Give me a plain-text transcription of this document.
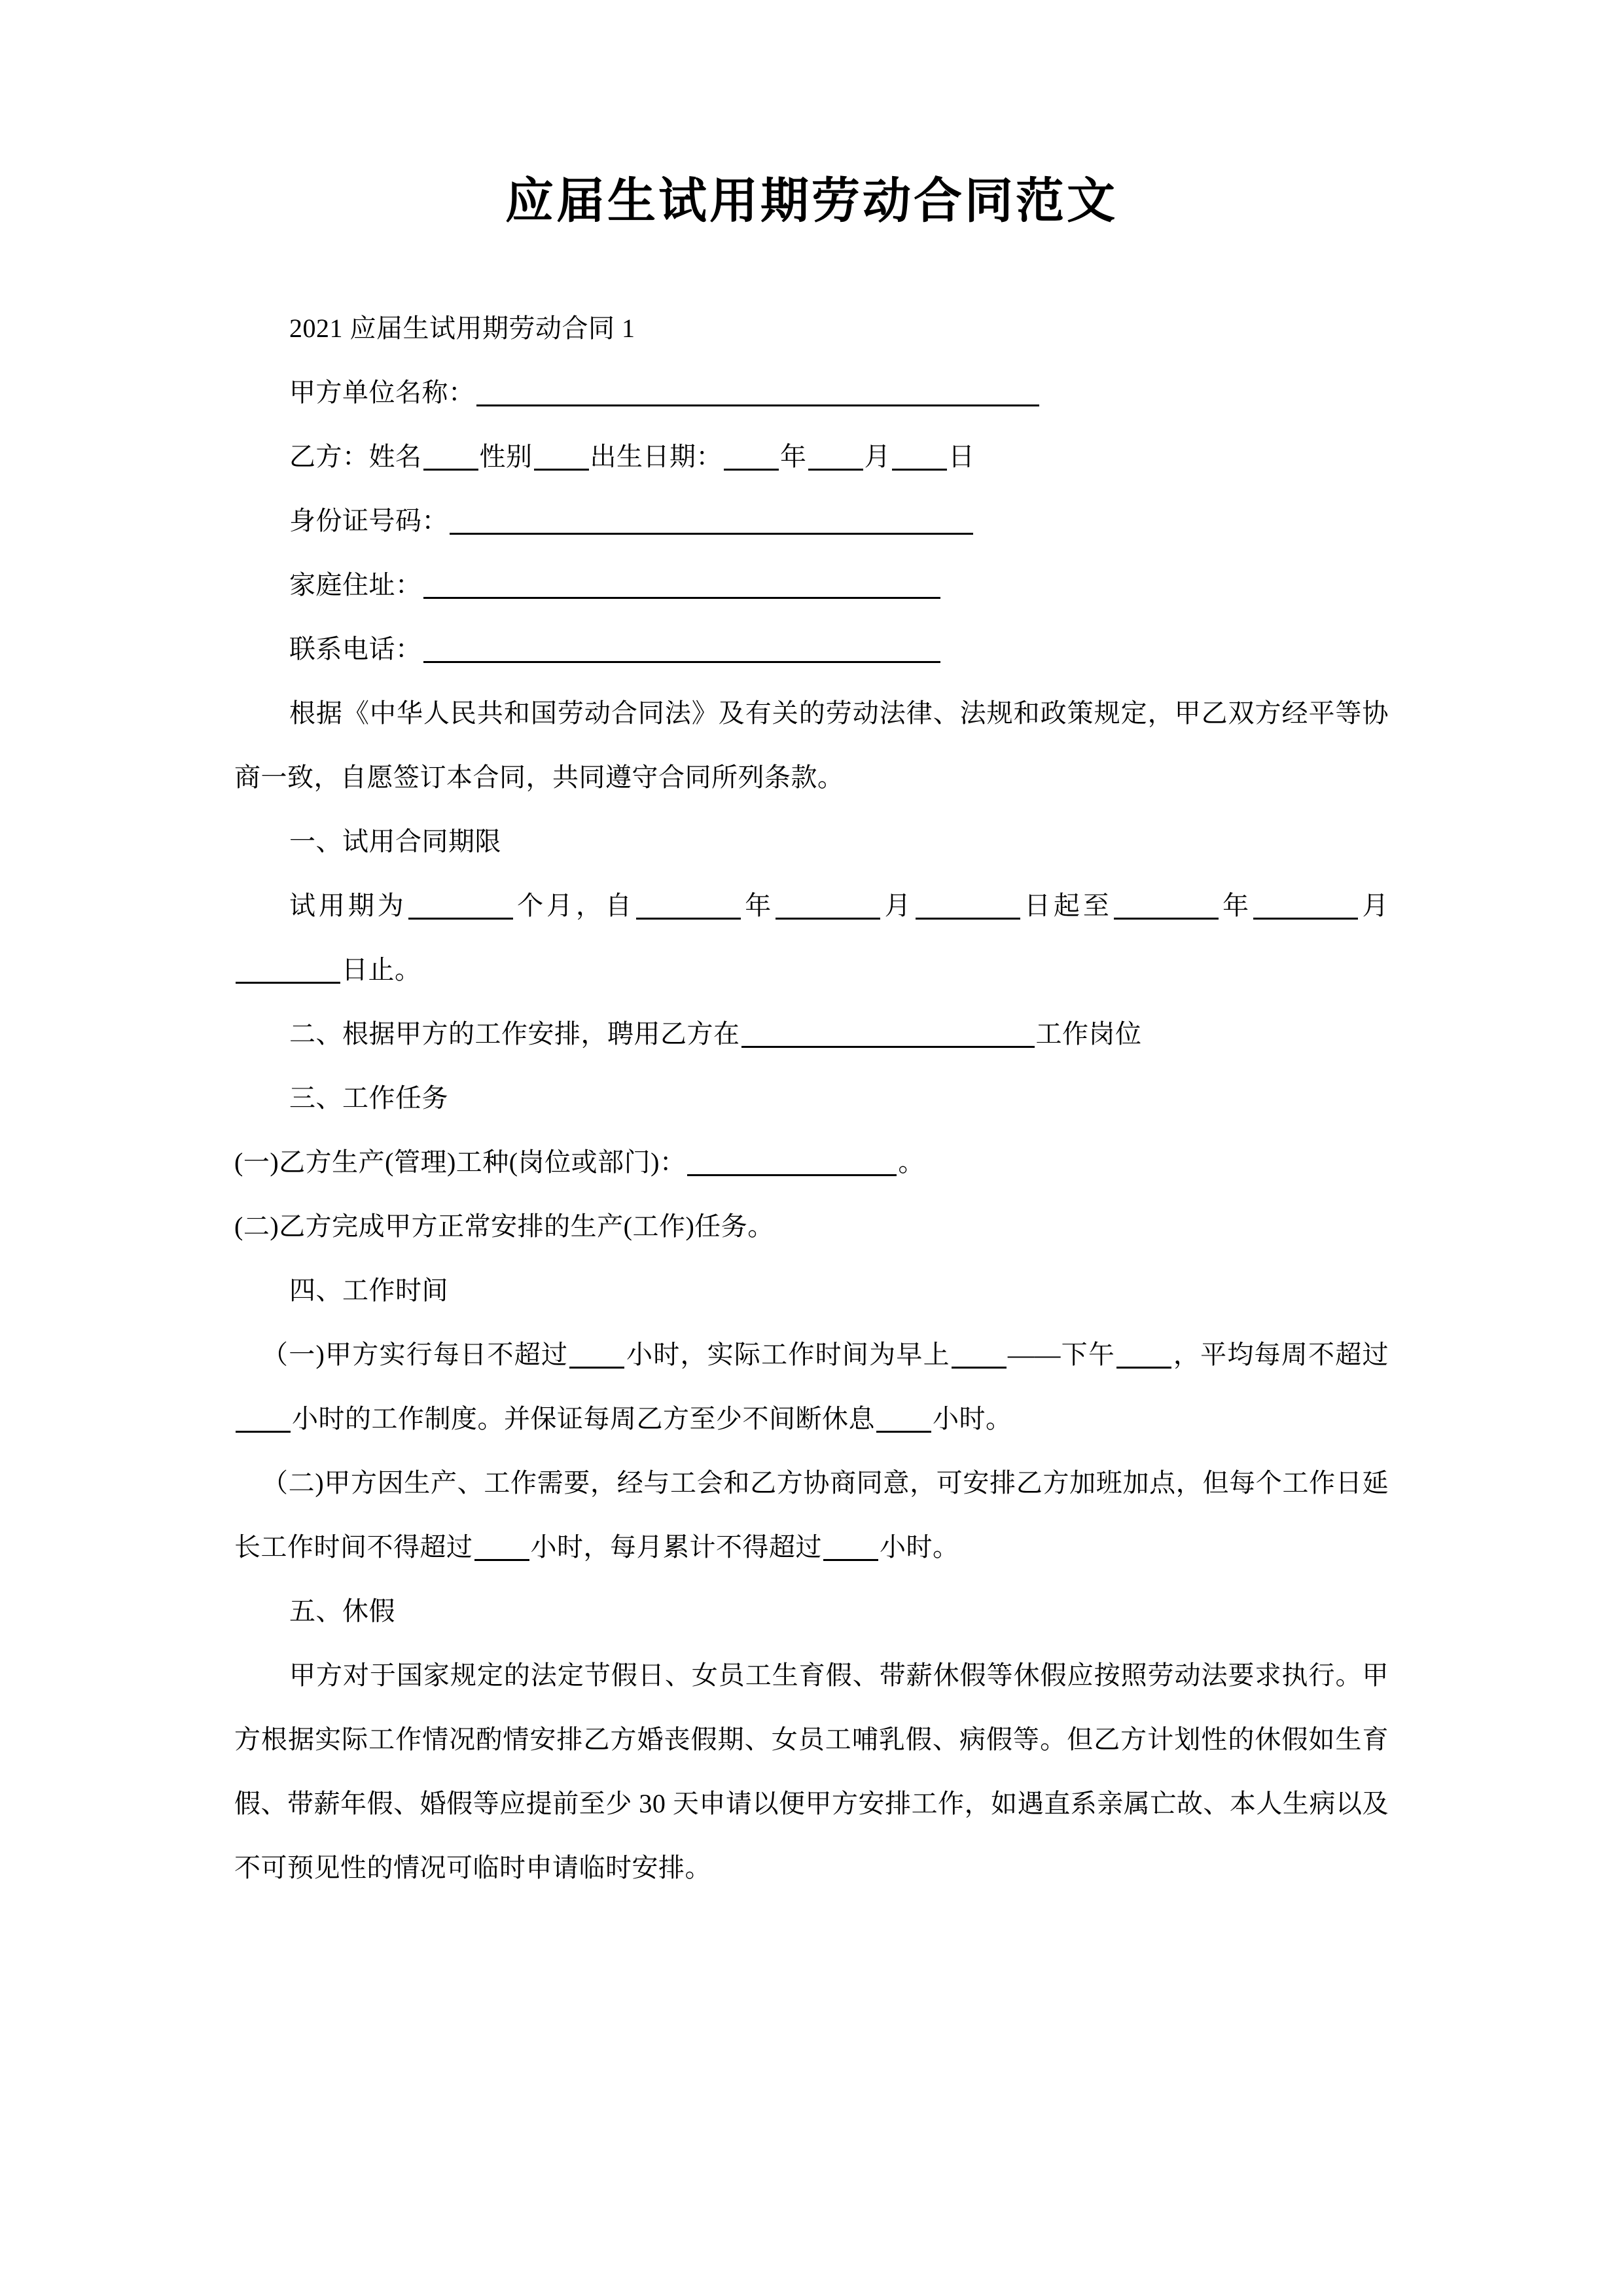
应届生试用期劳动合同范文

2021 应届生试用期劳动合同 1

甲方单位名称：

乙方：姓名 性别 出生日期： 年 月 日

身份证号码：

家庭住址：

联系电话：

根据《中华人民共和国劳动合同法》及有关的劳动法律、法规和政策规定，甲乙双方经平等协商一致，自愿签订本合同，共同遵守合同所列条款。

一、试用合同期限

试用期为	个月，自	年	月	日起至	年	月日止。

二、根据甲方的工作安排，聘用乙方在	工作岗位

三、工作任务

(一)乙方生产(管理)工种(岗位或部门)：	。

(二)乙方完成甲方正常安排的生产(工作)任务。

四、工作时间

（一)甲方实行每日不超过 小时，实际工作时间为早上 ——下午 ，平均每周不超过小时的工作制度。并保证每周乙方至少不间断休息 小时。

（二)甲方因生产、工作需要，经与工会和乙方协商同意，可安排乙方加班加点，但每个工作日延长工作时间不得超过 小时，每月累计不得超过 小时。

五、休假

甲方对于国家规定的法定节假日、女员工生育假、带薪休假等休假应按照劳动法要求执行。甲方根据实际工作情况酌情安排乙方婚丧假期、女员工哺乳假、病假等。但乙方计划性的休假如生育假、带薪年假、婚假等应提前至少 30 天申请以便甲方安排工作，如遇直系亲属亡故、本人生病以及不可预见性的情况可临时申请临时安排。
